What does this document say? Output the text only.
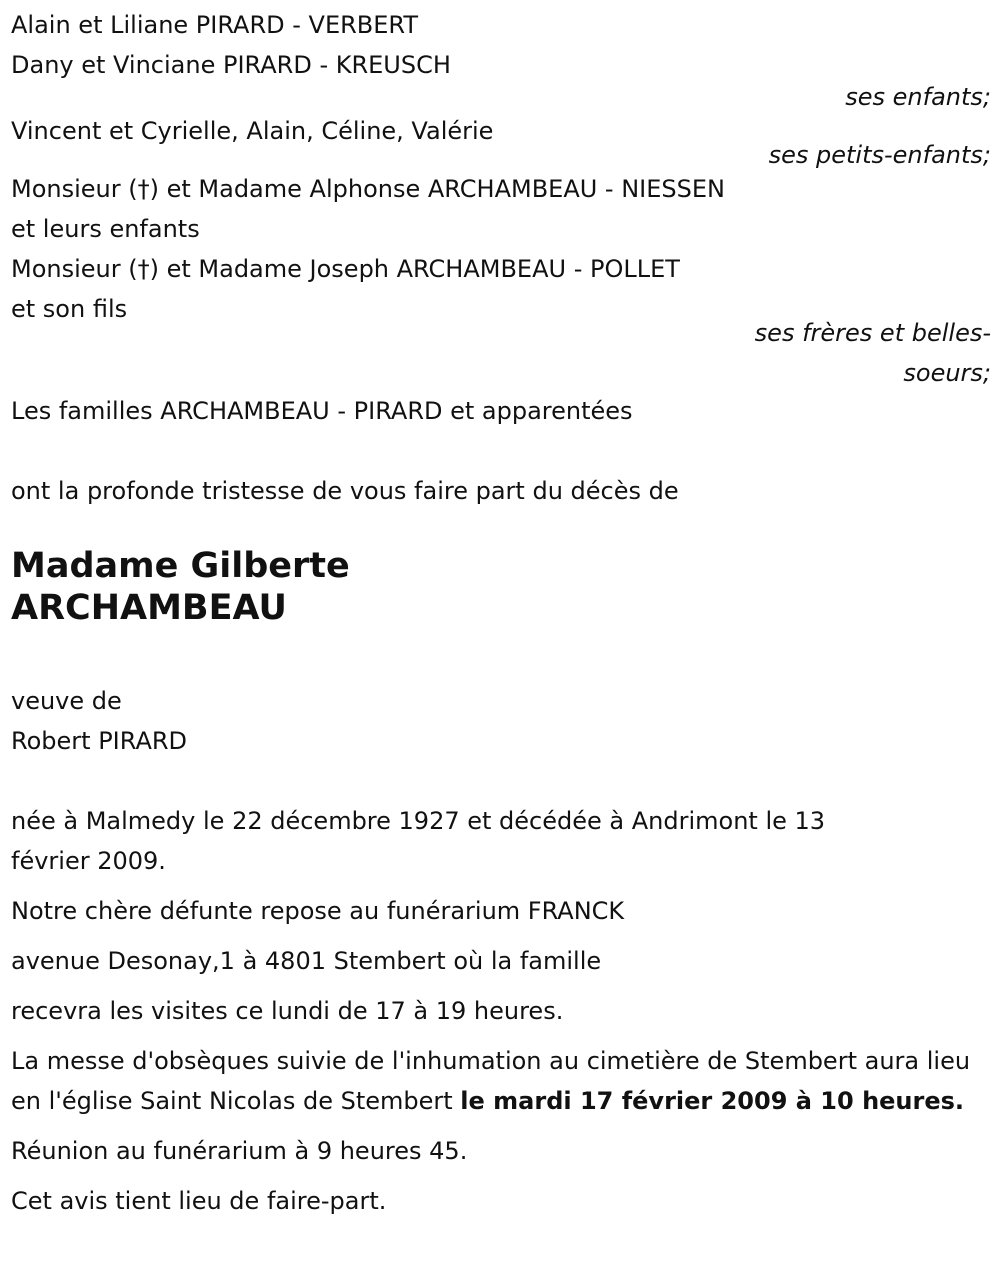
Alain et Liliane PIRARD - VERBERT
Dany et Vinciane PIRARD - KREUSCH
ses enfants;
Vincent et Cyrielle, Alain, Céline, Valérie
ses petits-enfants;
Monsieur (†) et Madame Alphonse ARCHAMBEAU - NIESSEN
et leurs enfants
Monsieur (†) et Madame Joseph ARCHAMBEAU - POLLET
et son fils
ses frères et belles-
soeurs;
Les familles ARCHAMBEAU - PIRARD et apparentées
ont la profonde tristesse de vous faire part du décès de
Madame Gilberte
ARCHAMBEAU
veuve de
Robert PIRARD
née à Malmedy le 22 décembre 1927 et décédée à Andrimont le 13 février 2009.
Notre chère défunte repose au funérarium FRANCK
avenue Desonay,1 à 4801 Stembert où la famille
recevra les visites ce lundi de 17 à 19 heures.
La messe d'obsèques suivie de l'inhumation au cimetière de Stembert aura lieu en l'église Saint Nicolas de Stembert le mardi 17 février 2009 à 10 heures.
Réunion au funérarium à 9 heures 45.
Cet avis tient lieu de faire-part.
